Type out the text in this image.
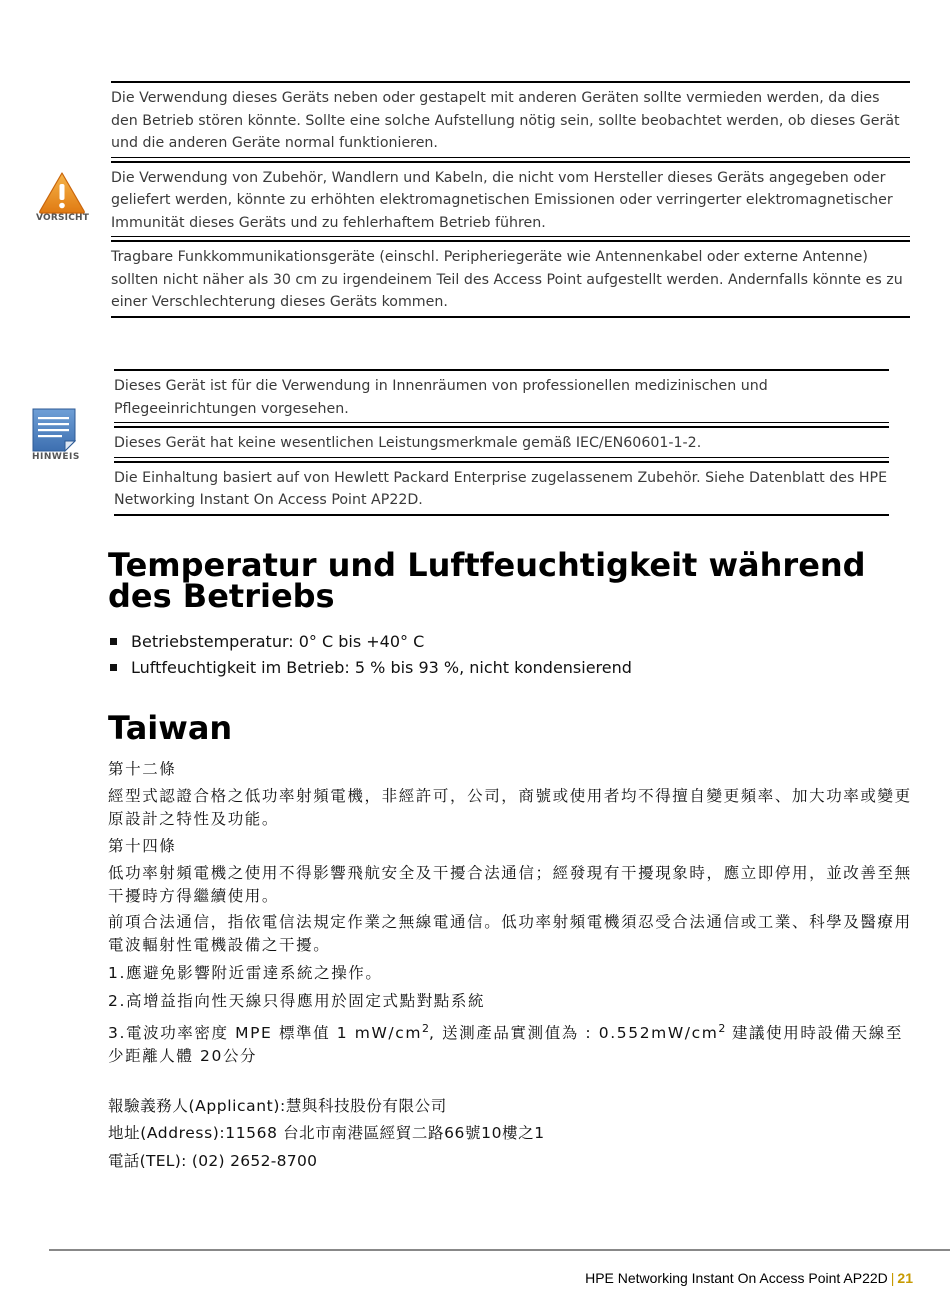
VORSICHT
Die Verwendung dieses Geräts neben oder gestapelt mit anderen Geräten sollte vermieden werden, da dies den Betrieb stören könnte. Sollte eine solche Aufstellung nötig sein, sollte beobachtet werden, ob dieses Gerät und die anderen Geräte normal funktionieren.
Die Verwendung von Zubehör, Wandlern und Kabeln, die nicht vom Hersteller dieses Geräts angegeben oder geliefert werden, könnte zu erhöhten elektromagnetischen Emissionen oder verringerter elektromagnetischer Immunität dieses Geräts und zu fehlerhaftem Betrieb führen.
Tragbare Funkkommunikationsgeräte (einschl. Peripheriegeräte wie Antennenkabel oder externe Antenne) sollten nicht näher als 30 cm zu irgendeinem Teil des Access Point aufgestellt werden. Andernfalls könnte es zu einer Verschlechterung dieses Geräts kommen.
HINWEIS
Dieses Gerät ist für die Verwendung in Innenräumen von professionellen medizinischen und Pflegeeinrichtungen vorgesehen.
Dieses Gerät hat keine wesentlichen Leistungsmerkmale gemäß IEC/EN60601-1-2.
Die Einhaltung basiert auf von Hewlett Packard Enterprise zugelassenem Zubehör. Siehe Datenblatt des HPE Networking Instant On Access Point AP22D.
Temperatur und Luftfeuchtigkeit während des Betriebs
Betriebstemperatur: 0° C bis +40° C
Luftfeuchtigkeit im Betrieb: 5 % bis 93 %, nicht kondensierend
Taiwan
第十二條
經型式認證合格之低功率射頻電機，非經許可，公司，商號或使用者均不得擅自變更頻率、加大功率或變更原設計之特性及功能。
第十四條
低功率射頻電機之使用不得影響飛航安全及干擾合法通信；經發現有干擾現象時，應立即停用，並改善至無干擾時方得繼續使用。
前項合法通信，指依電信法規定作業之無線電通信。低功率射頻電機須忍受合法通信或工業、科學及醫療用電波輻射性電機設備之干擾。
1.應避免影響附近雷達系統之操作。
2.高增益指向性天線只得應用於固定式點對點系統
3.電波功率密度 MPE 標準值 1 $mW/cm^2$, 送測產品實測值為 : $0.552mW/cm^2$ 建議使用時設備天線至少距離人體 20公分
報驗義務人(Applicant):慧與科技股份有限公司
地址(Address):11568 台北市南港區經貿二路66號10樓之1
電話(TEL): (02) 2652-8700
HPE Networking Instant On Access Point AP22D | 21
